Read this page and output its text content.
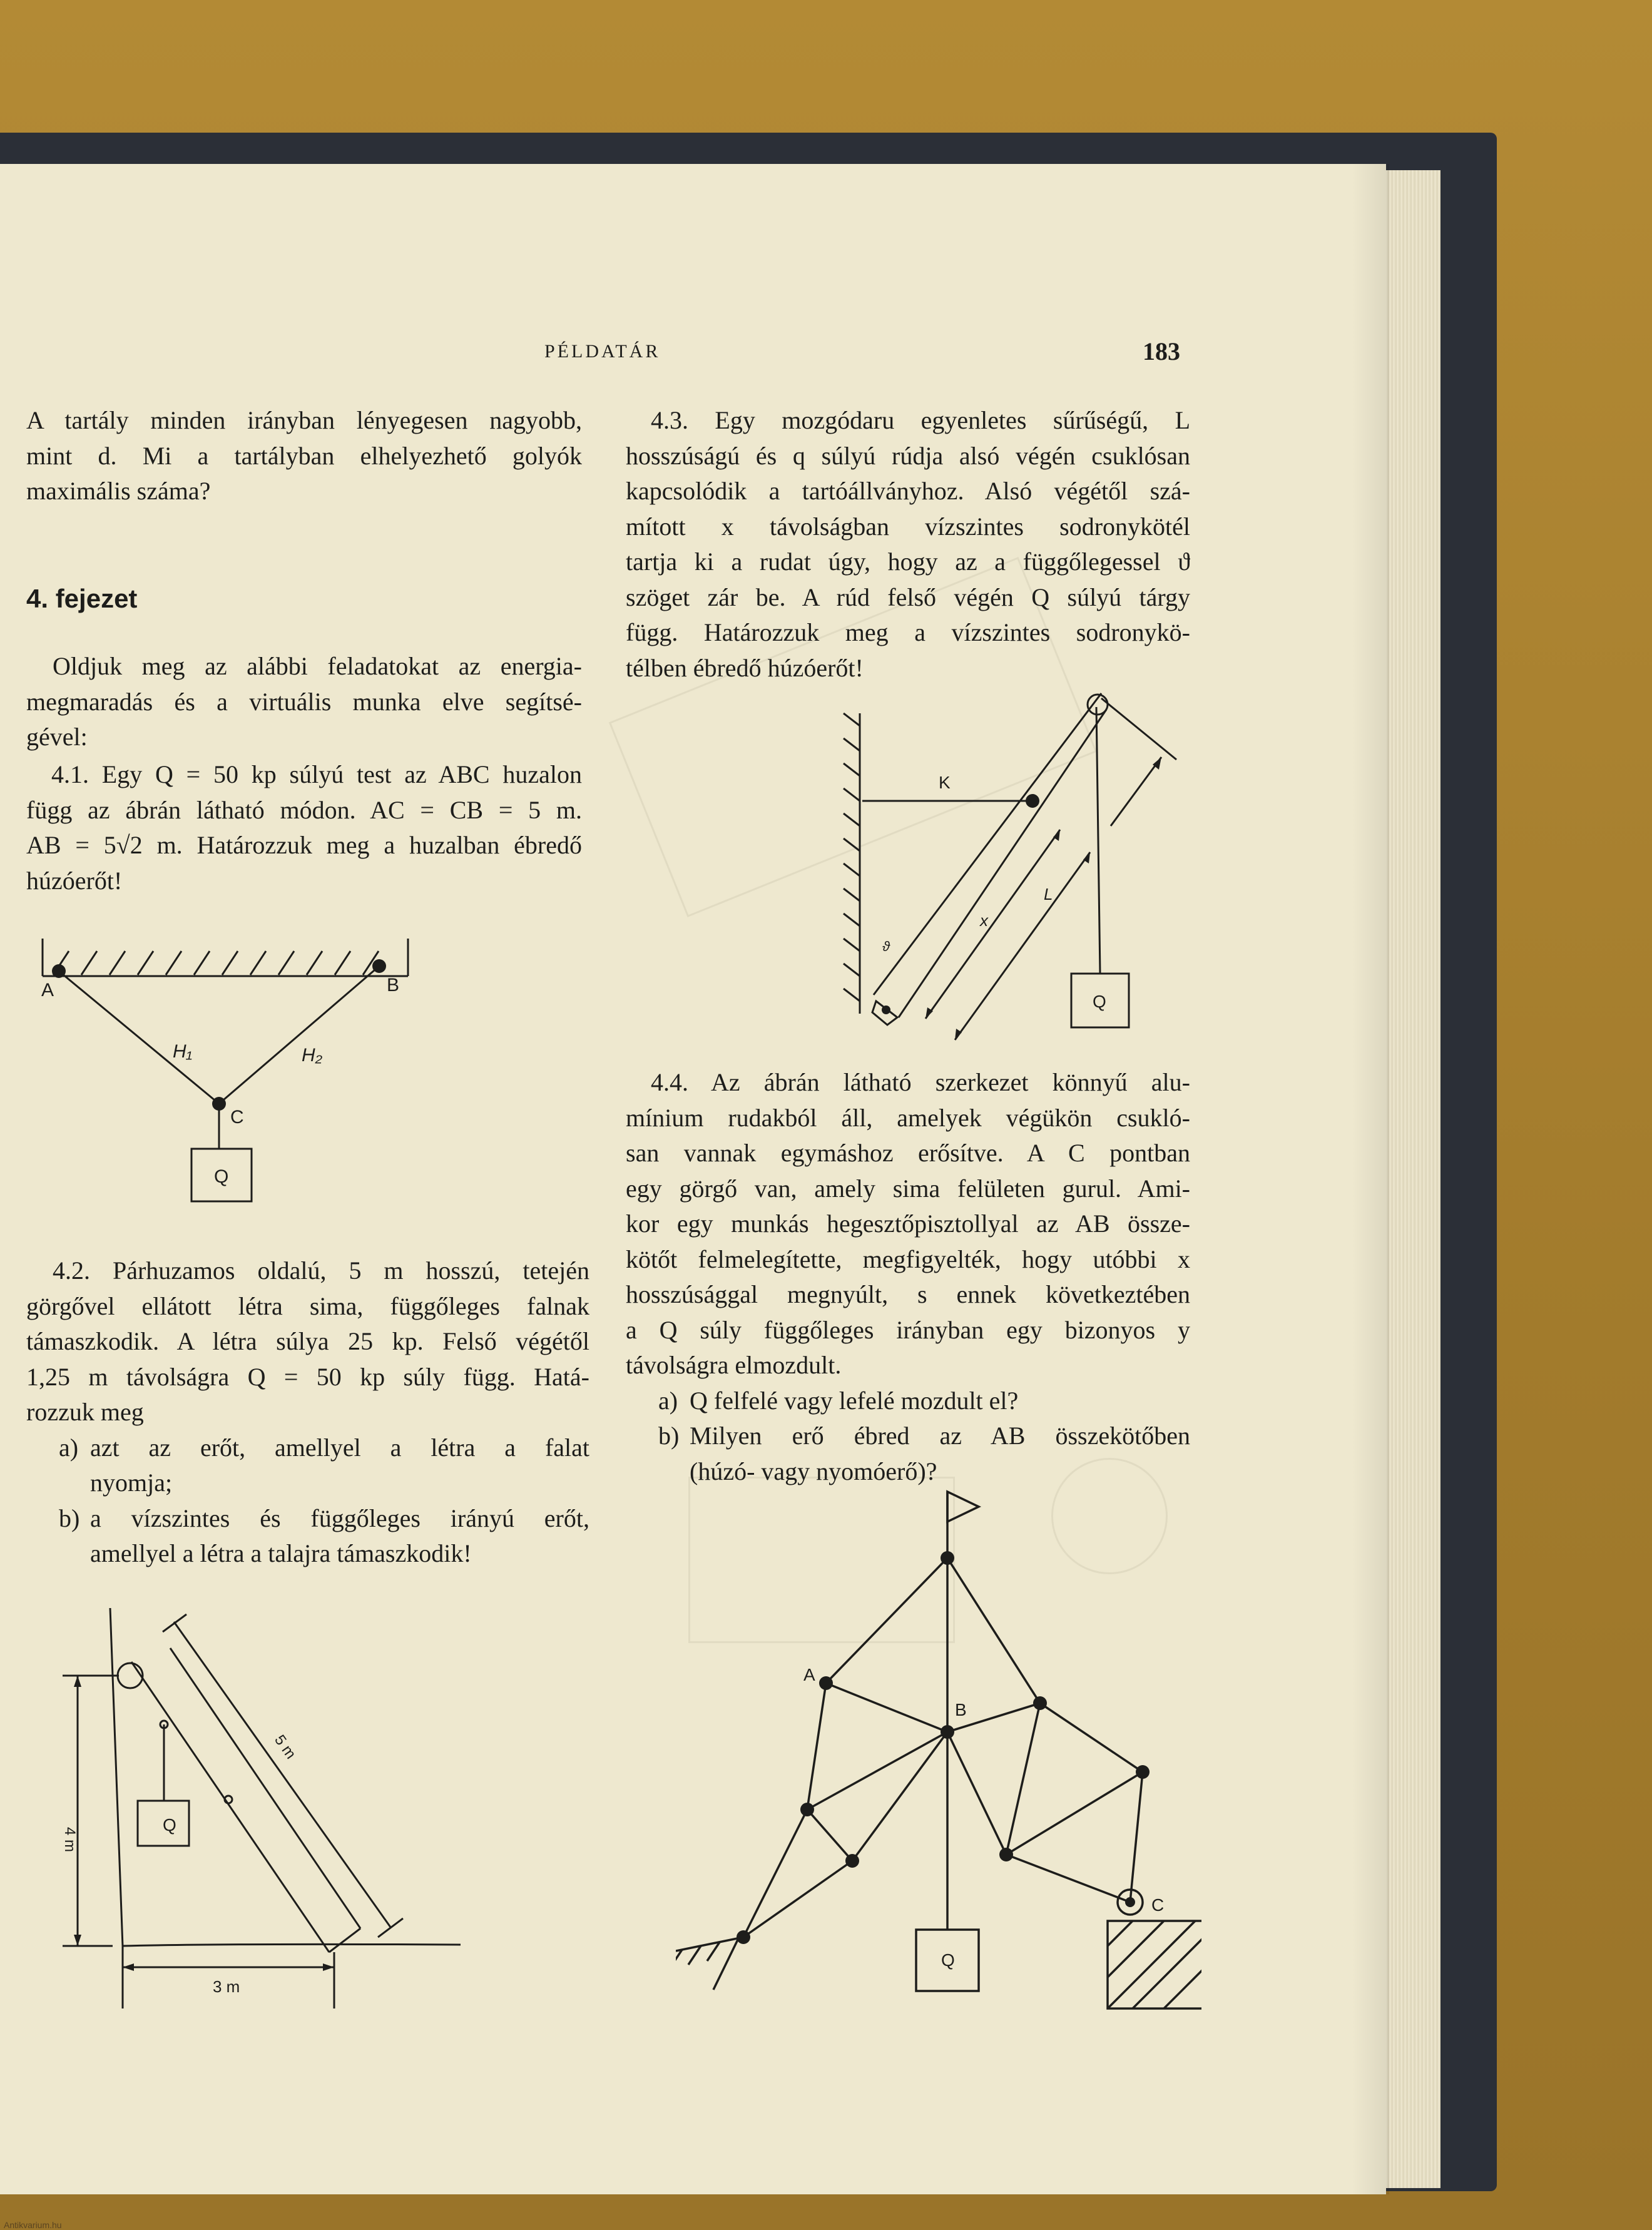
PÉLDATÁR	183
A tartály minden irányban lényegesen nagyobb,
mint d. Mi a tartályban elhelyezhető golyók
maximális száma?
4. fejezet
Oldjuk meg az alábbi feladatokat az energia-
megmaradás és a virtuális munka elve segítsé-
gével:
4.1. Egy Q = 50 kp súlyú test az ABC huzalon
függ az ábrán látható módon. AC = CB = 5 m.
AB = 5√2 m. Határozzuk meg a huzalban ébredő
húzóerőt!
A	B
C
H₁	H₂
Q
4.2. Párhuzamos oldalú, 5 m hosszú, tetején
görgővel ellátott létra sima, függőleges falnak
támaszkodik. A létra súlya 25 kp. Felső végétől
1,25 m távolságra Q = 50 kp súly függ. Hatá-
rozzuk meg
a) azt az erőt, amellyel a létra a falat
nyomja;
b) a vízszintes és függőleges irányú erőt,
amellyel a létra a talajra támaszkodik!
Q
4 m
3 m
5 m
4.3. Egy mozgódaru egyenletes sűrűségű, L
hosszúságú és q súlyú rúdja alsó végén csuklósan
kapcsolódik a tartóállványhoz. Alsó végétől szá-
mított x távolságban vízszintes sodronykötél
tartja ki a rudat úgy, hogy az a függőlegessel ϑ
szöget zár be. A rúd felső végén Q súlyú tárgy
függ. Határozzuk meg a vízszintes sodronykö-
télben ébredő húzóerőt!
K
x
L
ϑ
Q
4.4. Az ábrán látható szerkezet könnyű alu-
mínium rudakból áll, amelyek végükön csukló-
san vannak egymáshoz erősítve. A C pontban
egy görgő van, amely sima felületen gurul. Ami-
kor egy munkás hegesztőpisztollyal az AB össze-
kötőt felmelegítette, megfigyelték, hogy utóbbi x
hosszúsággal megnyúlt, s ennek következtében
a Q súly függőleges irányban egy bizonyos y
távolságra elmozdult.
a) Q felfelé vagy lefelé mozdult el?
b) Milyen erő ébred az AB összekötőben
(húzó- vagy nyomóerő)?
A
B
C
Q
Antikvarium.hu
